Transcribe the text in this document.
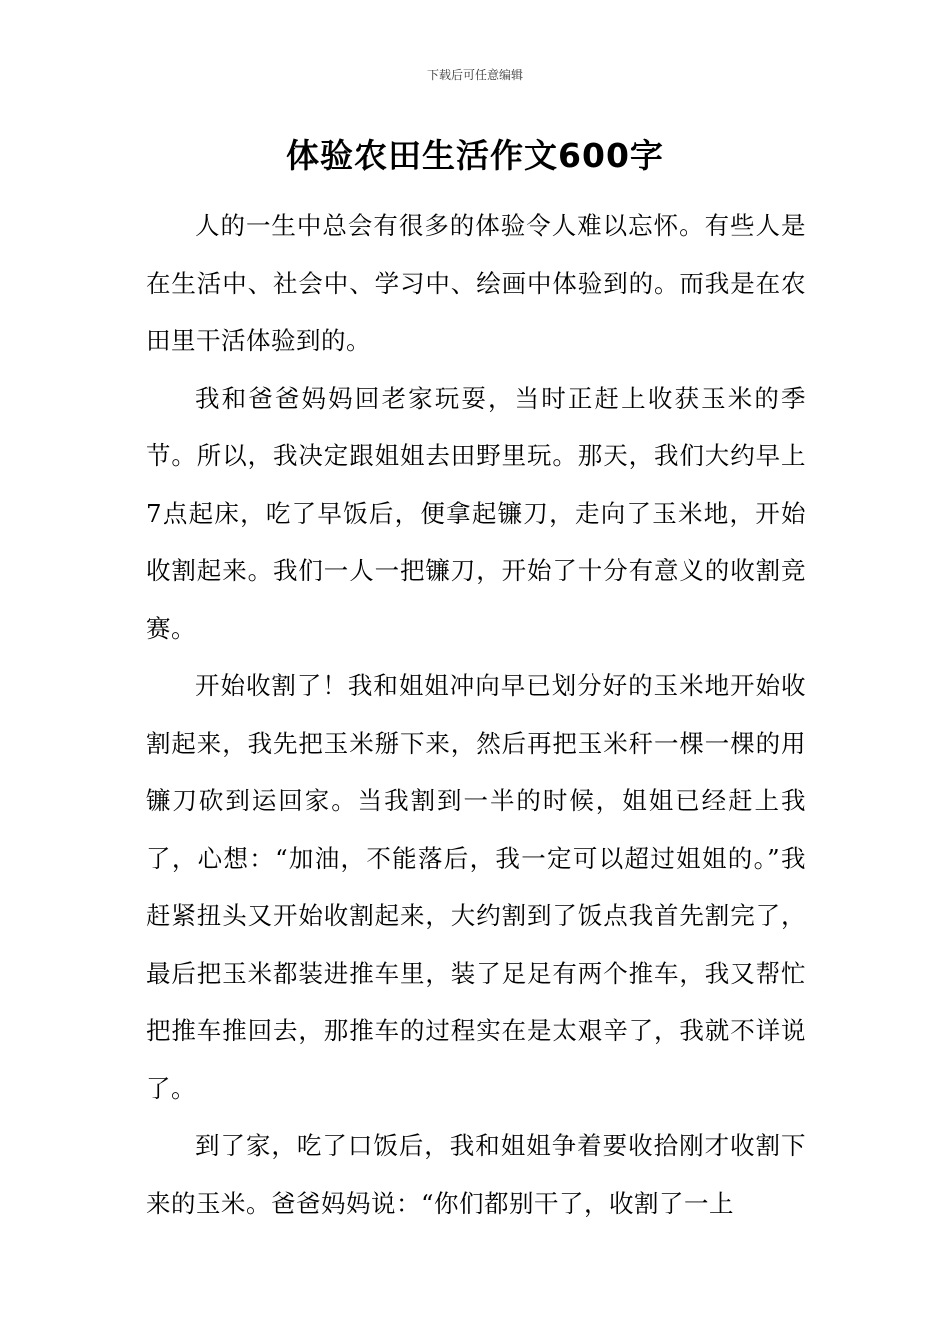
下载后可任意编辑
体验农田生活作文600字

人的一生中总会有很多的体验令人难以忘怀。有些人是在生活中、社会中、学习中、绘画中体验到的。而我是在农田里干活体验到的。

我和爸爸妈妈回老家玩耍，当时正赶上收获玉米的季节。所以，我决定跟姐姐去田野里玩。那天，我们大约早上7点起床，吃了早饭后，便拿起镰刀，走向了玉米地，开始收割起来。我们一人一把镰刀，开始了十分有意义的收割竞赛。

开始收割了！我和姐姐冲向早已划分好的玉米地开始收割起来，我先把玉米掰下来，然后再把玉米秆一棵一棵的用镰刀砍到运回家。当我割到一半的时候，姐姐已经赶上我了，心想：“加油，不能落后，我一定可以超过姐姐的。”我赶紧扭头又开始收割起来，大约割到了饭点我首先割完了，最后把玉米都装进推车里，装了足足有两个推车，我又帮忙把推车推回去，那推车的过程实在是太艰辛了，我就不详说了。

到了家，吃了口饭后，我和姐姐争着要收拾刚才收割下来的玉米。爸爸妈妈说：“你们都别干了，收割了一上
